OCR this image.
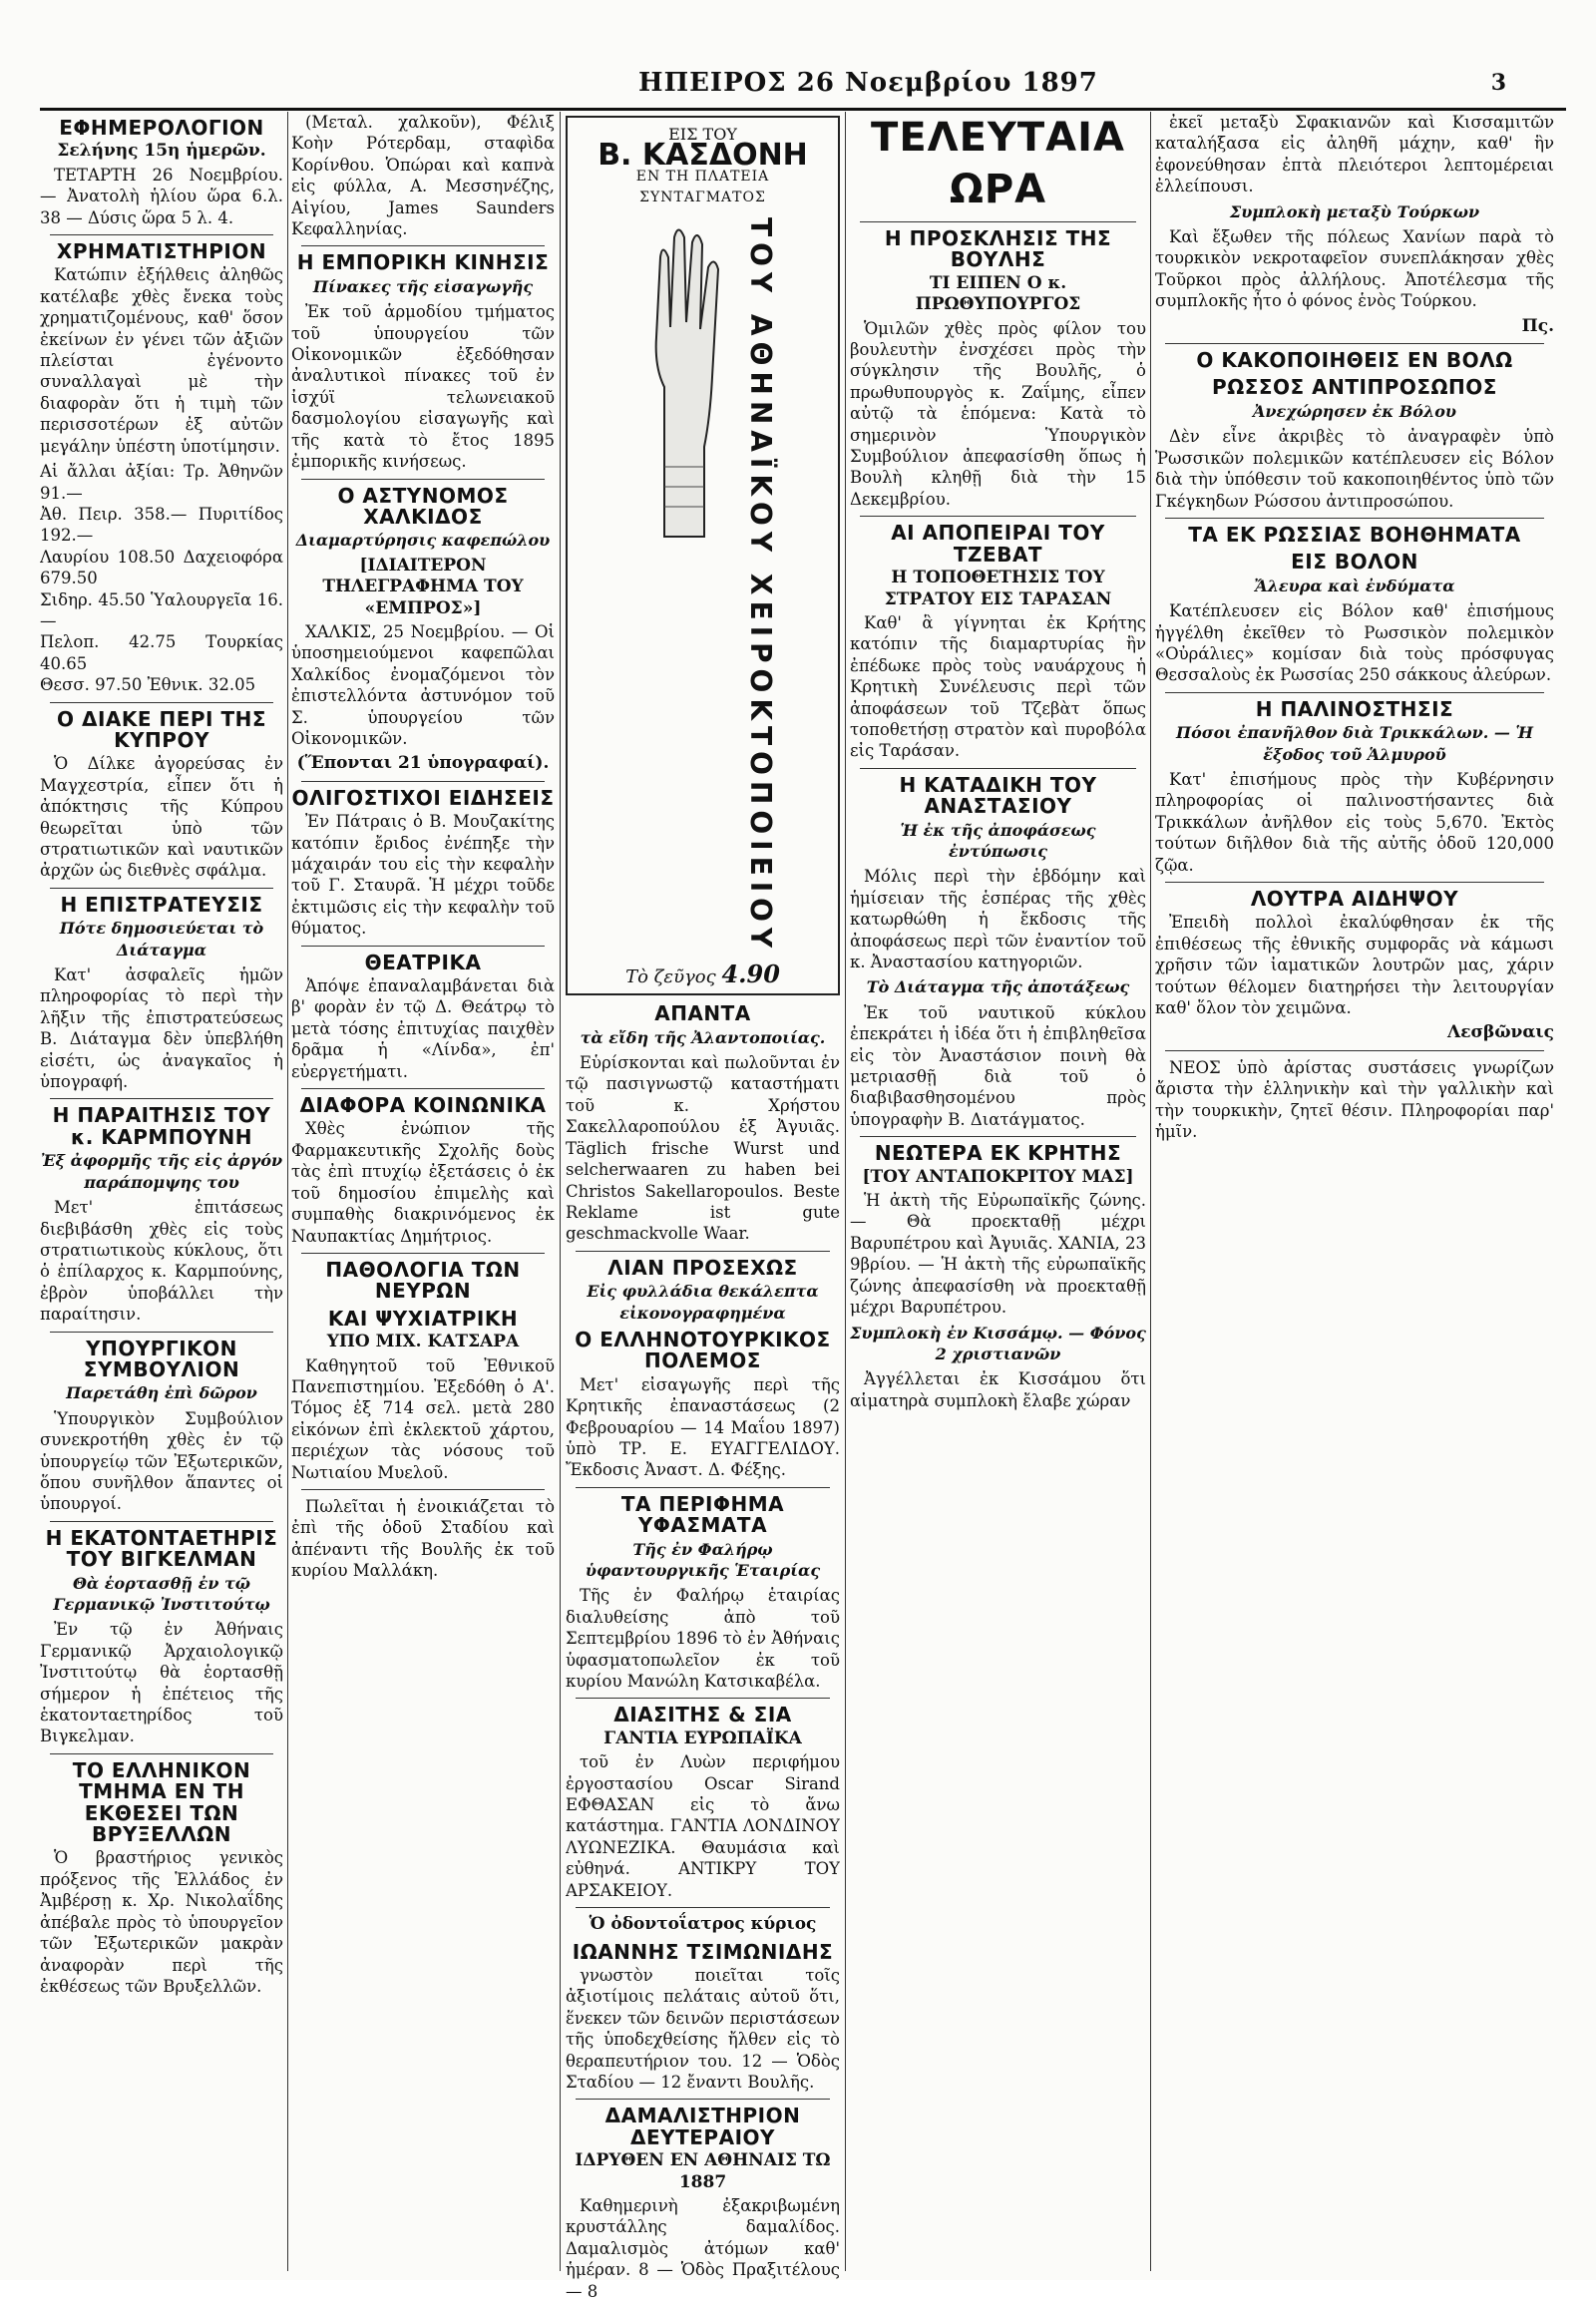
ΗΠΕΙΡΟΣ 26 Νοεμβρίου 1897	3
ΕΦΗΜΕΡΟΛΟΓΙΟΝ
Σελήνης 15η ἡμερῶν.

ΤΕΤΑΡΤΗ 26 Νοεμβρίου. — Ἀνατολὴ ἡλίου ὥρα 6.λ. 38 — Δύσις ὥρα 5 λ. 4.

ΧΡΗΜΑΤΙΣΤΗΡΙΟΝ

Κατώπιν ἐξήλθεις ἀληθῶς κατέλαβε χθὲς ἔνεκα τοὺς χρηματιζομένους, καθ' ὅσον ἐκείνων ἐν γένει τῶν ἀξιῶν πλείσται ἐγένοντο συναλλαγαὶ μὲ τὴν διαφορὰν ὅτι ἡ τιμὴ τῶν περισσοτέρων ἐξ αὐτῶν μεγάλην ὑπέστη ὑποτίμησιν.

Αἱ ἄλλαι ἀξίαι: Τρ. Ἀθηνῶν 91.—
Ἀθ. Πειρ. 358.— Πυριτίδος 192.—
Λαυρίου 108.50 Δαχειοφόρα 679.50
Σιδηρ. 45.50 Ὑαλουργεῖα 16.—
Πελοπ. 42.75 Τουρκίας 40.65
Θεσσ. 97.50 Ἐθνικ. 32.05
Ο ΔΙΑΚΕ ΠΕΡΙ ΤΗΣ ΚΥΠΡΟΥ

Ὁ Δίλκε ἀγορεύσας ἐν Μαγχεστρία, εἶπεν ὅτι ἡ ἀπόκτησις τῆς Κύπρου θεωρεῖται ὑπὸ τῶν στρατιωτικῶν καὶ ναυτικῶν ἀρχῶν ὡς διεθνὲς σφάλμα.

Η ΕΠΙΣΤΡΑΤΕΥΣΙΣ
Πότε δημοσιεύεται τὸ Διάταγμα

Κατ' ἀσφαλεῖς ἡμῶν πληροφορίας τὸ περὶ τὴν λῆξιν τῆς ἐπιστρατεύσεως Β. Διάταγμα δὲν ὑπεβλήθη εἰσέτι, ὡς ἀναγκαῖος ἡ ὑπογραφή.

Η ΠΑΡΑΙΤΗΣΙΣ ΤΟΥ κ. ΚΑΡΜΠΟΥΝΗ
Ἐξ ἀφορμῆς τῆς εἰς ἀργόν παράπομψης του

Μετ' ἐπιτάσεως διεβιβάσθη χθὲς εἰς τοὺς στρατιωτικοὺς κύκλους, ὅτι ὁ ἐπίλαρχος κ. Καρμπούνης, ἐβρὸν ὑποβάλλει τὴν παραίτησιν.

ΥΠΟΥΡΓΙΚΟΝ ΣΥΜΒΟΥΛΙΟΝ
Παρετάθη ἐπὶ δῶρον

Ὑπουργικὸν Συμβούλιον συνεκροτήθη χθὲς ἐν τῷ ὑπουργείῳ τῶν Ἐξωτερικῶν, ὅπου συνῆλθον ἅπαντες οἱ ὑπουργοί.

Η ΕΚΑΤΟΝΤΑΕΤΗΡΙΣ ΤΟΥ ΒΙΓΚΕΛΜΑΝ
Θὰ ἑορτασθῇ ἐν τῷ Γερμανικῷ Ἰνστιτούτῳ

Ἐν τῷ ἐν Ἀθήναις Γερμανικῷ Ἀρχαιολογικῷ Ἰνστιτούτῳ θὰ ἑορτασθῇ σήμερον ἡ ἐπέτειος τῆς ἑκατονταετηρίδος τοῦ Βιγκελμαν.

ΤΟ ΕΛΛΗΝΙΚΟΝ ΤΜΗΜΑ ΕΝ ΤΗ ΕΚΘΕΣΕΙ ΤΩΝ ΒΡΥΞΕΛΛΩΝ

Ὁ βραστήριος γενικὸς πρόξενος τῆς Ἑλλάδος ἐν Ἀμβέρσῃ κ. Χρ. Νικολαΐδης ἀπέβαλε πρὸς τὸ ὑπουργεῖον τῶν Ἐξωτερικῶν μακρὰν ἀναφορὰν περὶ τῆς ἐκθέσεως τῶν Βρυξελλῶν.

(Μεταλ. χαλκοῦν), Φέλιξ Κοὴν Ρότερδαμ, σταφὶδα Κορίνθου. Ὁπώραι καὶ καπνὰ εἰς φύλλα, Α. Μεσσηνέζης, Αἰγίου, James Saunders Κεφαλληνίας.

Η ΕΜΠΟΡΙΚΗ ΚΙΝΗΣΙΣ
Πίνακες τῆς εἰσαγωγῆς

Ἐκ τοῦ ἁρμοδίου τμήματος τοῦ ὑπουργείου τῶν Οἰκονομικῶν ἐξεδόθησαν ἀναλυτικοὶ πίνακες τοῦ ἐν ἰσχύϊ τελωνειακοῦ δασμολογίου εἰσαγωγῆς καὶ τῆς κατὰ τὸ ἔτος 1895 ἐμπορικῆς κινήσεως.

Ο ΑΣΤΥΝΟΜΟΣ ΧΑΛΚΙΔΟΣ
Διαμαρτύρησις καφεπώλου
[ΙΔΙΑΙΤΕΡΟΝ ΤΗΛΕΓΡΑΦΗΜΑ ΤΟΥ «ΕΜΠΡΟΣ»]

ΧΑΛΚΙΣ, 25 Νοεμβρίου. — Οἱ ὑποσημειούμενοι καφεπῶλαι Χαλκίδος ἐνομαζόμενοι τὸν ἐπιστελλόντα ἀστυνόμον τοῦ Σ. ὑπουργείου τῶν Οἰκονομικῶν.

(Ἕπονται 21 ὑπογραφαί).
ΟΛΙΓΟΣΤΙΧΟΙ ΕΙΔΗΣΕΙΣ

Ἐν Πάτραις ὁ Β. Μουζακίτης κατόπιν ἔριδος ἐνέπηξε τὴν μάχαιράν του εἰς τὴν κεφαλὴν τοῦ Γ. Σταυρᾶ. Ἡ μέχρι τοῦδε ἐκτιμῶσις εἰς τὴν κεφαλὴν τοῦ θύματος.

ΘΕΑΤΡΙΚΑ

Ἀπόψε ἐπαναλαμβάνεται διὰ β' φορὰν ἐν τῷ Δ. Θεάτρῳ τὸ μετὰ τόσης ἐπιτυχίας παιχθὲν δρᾶμα ἡ «Λίνδα», ἐπ' εὐεργετήματι.

ΔΙΑΦΟΡΑ ΚΟΙΝΩΝΙΚΑ

Χθὲς ἐνώπιον τῆς Φαρμακευτικῆς Σχολῆς δοὺς τὰς ἐπὶ πτυχίῳ ἐξετάσεις ὁ ἐκ τοῦ δημοσίου ἐπιμελὴς καὶ συμπαθὴς διακρινόμενος ἐκ Ναυπακτίας Δημήτριος.

ΠΑΘΟΛΟΓΙΑ ΤΩΝ ΝΕΥΡΩΝ
ΚΑΙ ΨΥΧΙΑΤΡΙΚΗ
ΥΠΟ ΜΙΧ. ΚΑΤΣΑΡΑ

Καθηγητοῦ τοῦ Ἐθνικοῦ Πανεπιστημίου. Ἐξεδόθη ὁ Α'. Τόμος ἐξ 714 σελ. μετὰ 280 εἰκόνων ἐπὶ ἐκλεκτοῦ χάρτου, περιέχων τὰς νόσους τοῦ Νωτιαίου Μυελοῦ.

Πωλεῖται ἡ ἐνοικιάζεται τὸ ἐπὶ τῆς ὁδοῦ Σταδίου καὶ ἀπέναντι τῆς Βουλῆς ἐκ τοῦ κυρίου Μαλλάκη.

ΕΙΣ ΤΟΥ
Β. ΚΑΣΔΟΝΗ
ΕΝ ΤΗ ΠΛΑΤΕΙΑ ΣΥΝΤΑΓΜΑΤΟΣ
ΤΟΥ ΑΘΗΝΑΪΚΟΥ ΧΕΙΡΟΚΤΟΠΟΙΕΙΟΥ
Τὸ ζεῦγος 4.90
ΑΠΑΝΤΑ
τὰ εἴδη τῆς Ἀλαντοποιίας.

Εὑρίσκονται καὶ πωλοῦνται ἐν τῷ πασιγνωστῷ καταστήματι τοῦ κ. Χρήστου Σακελλαροπούλου ἐξ Ἀγυιᾶς. Täglich frische Wurst und selcherwaaren zu haben bei Christos Sakellaropoulos. Beste Reklame ist gute geschmackvolle Waar.

ΛΙΑΝ ΠΡΟΣΕΧΩΣ
Εἰς φυλλάδια θεκάλεπτα εἰκονογραφημένα
Ο ΕΛΛΗΝΟΤΟΥΡΚΙΚΟΣ ΠΟΛΕΜΟΣ

Μετ' εἰσαγωγῆς περὶ τῆς Κρητικῆς ἐπαναστάσεως (2 Φεβρουαρίου — 14 Μαΐου 1897) ὑπὸ ΤΡ. Ε. ΕΥΑΓΓΕΛΙΔΟΥ. Ἔκδοσις Ἀναστ. Δ. Φέξης.

ΤΑ ΠΕΡΙΦΗΜΑ ΥΦΑΣΜΑΤΑ
Τῆς ἐν Φαλήρῳ ὑφαντουργικῆς Ἑταιρίας

Τῆς ἐν Φαλήρῳ ἑταιρίας διαλυθείσης ἀπὸ τοῦ Σεπτεμβρίου 1896 τὸ ἐν Ἀθήναις ὑφασματοπωλεῖον ἐκ τοῦ κυρίου Μανώλη Κατσικαβέλα.

ΔΙΑΣΙΤΗΣ & ΣΙΑ
ΓΑΝΤΙΑ ΕΥΡΩΠΑΪΚΑ

τοῦ ἐν Λυὼν περιφήμου ἐργοστασίου Oscar Sirand ΕΦΘΑΣΑΝ εἰς τὸ ἄνω κατάστημα. ΓΑΝΤΙΑ ΛΟΝΔΙΝΟΥ ΛΥΩΝΕΖΙΚΑ. Θαυμάσια καὶ εὐθηνά. ΑΝΤΙΚΡΥ ΤΟΥ ΑΡΣΑΚΕΙΟΥ.

Ὁ ὀδοντοΐατρος κύριος
ΙΩΑΝΝΗΣ ΤΣΙΜΩΝΙΔΗΣ

γνωστὸν ποιεῖται τοῖς ἀξιοτίμοις πελάταις αὐτοῦ ὅτι, ἕνεκεν τῶν δεινῶν περιστάσεων τῆς ὑποδεχθείσης ἤλθεν εἰς τὸ θεραπευτήριον του. 12 — Ὁδὸς Σταδίου — 12 ἔναντι Βουλῆς.

ΔΑΜΑΛΙΣΤΗΡΙΟΝ ΔΕΥΤΕΡΑΙΟΥ
ΙΔΡΥΘΕΝ ΕΝ ΑΘΗΝΑΙΣ ΤΩ 1887

Καθημερινὴ ἐξακριβωμένη κρυστάλλης δαμαλίδος. Δαμαλισμὸς ἀτόμων καθ' ἡμέραν. 8 — Ὁδὸς Πραξιτέλους — 8

ΤΕΛΕΥΤΑΙΑ ΩΡΑ
Η ΠΡΟΣΚΛΗΣΙΣ ΤΗΣ ΒΟΥΛΗΣ
ΤΙ ΕΙΠΕΝ Ο κ. ΠΡΩΘΥΠΟΥΡΓΟΣ

Ὁμιλῶν χθὲς πρὸς φίλον του βουλευτὴν ἐνσχέσει πρὸς τὴν σύγκλησιν τῆς Βουλῆς, ὁ πρωθυπουργὸς κ. Ζαΐμης, εἶπεν αὐτῷ τὰ ἑπόμενα: Κατὰ τὸ σημερινὸν Ὑπουργικὸν Συμβούλιον ἀπεφασίσθη ὅπως ἡ Βουλὴ κληθῇ διὰ τὴν 15 Δεκεμβρίου.

ΑΙ ΑΠΟΠΕΙΡΑΙ ΤΟΥ ΤΖΕΒΑΤ
Η ΤΟΠΟΘΕΤΗΣΙΣ ΤΟΥ ΣΤΡΑΤΟΥ ΕΙΣ ΤΑΡΑΣΑΝ

Καθ' ἃ γίγνηται ἐκ Κρήτης κατόπιν τῆς διαμαρτυρίας ἣν ἐπέδωκε πρὸς τοὺς ναυάρχους ἡ Κρητικὴ Συνέλευσις περὶ τῶν ἀποφάσεων τοῦ Τζεβὰτ ὅπως τοποθετήσῃ στρατὸν καὶ πυροβόλα εἰς Ταράσαν.

Η ΚΑΤΑΔΙΚΗ ΤΟΥ ΑΝΑΣΤΑΣΙΟΥ
Ἡ ἐκ τῆς ἀποφάσεως ἐντύπωσις

Μόλις περὶ τὴν ἑβδόμην καὶ ἡμίσειαν τῆς ἑσπέρας τῆς χθὲς κατωρθώθη ἡ ἔκδοσις τῆς ἀποφάσεως περὶ τῶν ἐναντίον τοῦ κ. Ἀναστασίου κατηγοριῶν.

Τὸ Διάταγμα τῆς ἀποτάξεως

Ἐκ τοῦ ναυτικοῦ κύκλου ἐπεκράτει ἡ ἰδέα ὅτι ἡ ἐπιβληθεῖσα εἰς τὸν Ἀναστάσιον ποινὴ θὰ μετριασθῇ διὰ τοῦ ὁ διαβιβασθησομένου πρὸς ὑπογραφὴν Β. Διατάγματος.

ΝΕΩΤΕΡΑ ΕΚ ΚΡΗΤΗΣ
[ΤΟΥ ΑΝΤΑΠΟΚΡΙΤΟΥ ΜΑΣ]

Ἡ ἀκτὴ τῆς Εὐρωπαϊκῆς ζώνης. — Θὰ προεκταθῇ μέχρι Βαρυπέτρου καὶ Ἀγυιᾶς. ΧΑΝΙΑ, 23 9βρίου. — Ἡ ἀκτὴ τῆς εὐρωπαϊκῆς ζώνης ἀπεφασίσθη νὰ προεκταθῇ μέχρι Βαρυπέτρου.

Συμπλοκὴ ἐν Κισσάμῳ. — Φόνος 2 χριστιανῶν

Ἀγγέλλεται ἐκ Κισσάμου ὅτι αἱματηρὰ συμπλοκὴ ἔλαβε χώραν

ἐκεῖ μεταξὺ Σφακιανῶν καὶ Κισσαμιτῶν καταλήξασα εἰς ἀληθῆ μάχην, καθ' ἣν ἐφονεύθησαν ἐπτὰ πλειότεροι λεπτομέρειαι ἐλλείπουσι.

Συμπλοκὴ μεταξὺ Τούρκων

Καὶ ἔξωθεν τῆς πόλεως Χανίων παρὰ τὸ τουρκικὸν νεκροταφεῖον συνεπλάκησαν χθὲς Τοῦρκοι πρὸς ἀλλήλους. Ἀποτέλεσμα τῆς συμπλοκῆς ἦτο ὁ φόνος ἑνὸς Τούρκου.

Πς.
Ο ΚΑΚΟΠΟΙΗΘΕΙΣ ΕΝ ΒΟΛΩ
ΡΩΣΣΟΣ ΑΝΤΙΠΡΟΣΩΠΟΣ
Ἀνεχώρησεν ἐκ Βόλου

Δὲν εἶνε ἀκριβὲς τὸ ἀναγραφὲν ὑπὸ Ῥωσσικῶν πολεμικῶν κατέπλευσεν εἰς Βόλον διὰ τὴν ὑπόθεσιν τοῦ κακοποιηθέντος ὑπὸ τῶν Γκέγκηδων Ρώσσου ἀντιπροσώπου.

ΤΑ ΕΚ ΡΩΣΣΙΑΣ ΒΟΗΘΗΜΑΤΑ
ΕΙΣ ΒΟΛΟΝ
Ἄλευρα καὶ ἐνδύματα

Κατέπλευσεν εἰς Βόλον καθ' ἐπισήμους ἠγγέλθη ἐκεῖθεν τὸ Ρωσσικὸν πολεμικὸν «Οὐράλιες» κομίσαν διὰ τοὺς πρόσφυγας Θεσσαλοὺς ἐκ Ρωσσίας 250 σάκκους ἀλεύρων.

Η ΠΑΛΙΝΟΣΤΗΣΙΣ
Πόσοι ἐπανῆλθον διὰ Τρικκάλων. — Ἡ ἔξοδος τοῦ Ἁλμυροῦ

Κατ' ἐπισήμους πρὸς τὴν Κυβέρνησιν πληροφορίας οἱ παλινοστήσαντες διὰ Τρικκάλων ἀνῆλθον εἰς τοὺς 5,670. Ἐκτὸς τούτων διῆλθον διὰ τῆς αὐτῆς ὁδοῦ 120,000 ζῷα.

ΛΟΥΤΡΑ ΑΙΔΗΨΟΥ

Ἐπειδὴ πολλοὶ ἐκαλύφθησαν ἐκ τῆς ἐπιθέσεως τῆς ἐθνικῆς συμφορᾶς νὰ κάμωσι χρῆσιν τῶν ἰαματικῶν λουτρῶν μας, χάριν τούτων θέλομεν διατηρήσει τὴν λειτουργίαν καθ' ὅλον τὸν χειμῶνα.

Λεσβῶναις

ΝΕΟΣ ὑπὸ ἀρίστας συστάσεις γνωρίζων ἄριστα τὴν ἑλληνικὴν καὶ τὴν γαλλικὴν καὶ τὴν τουρκικὴν, ζητεῖ θέσιν. Πληροφορίαι παρ' ἡμῖν.
